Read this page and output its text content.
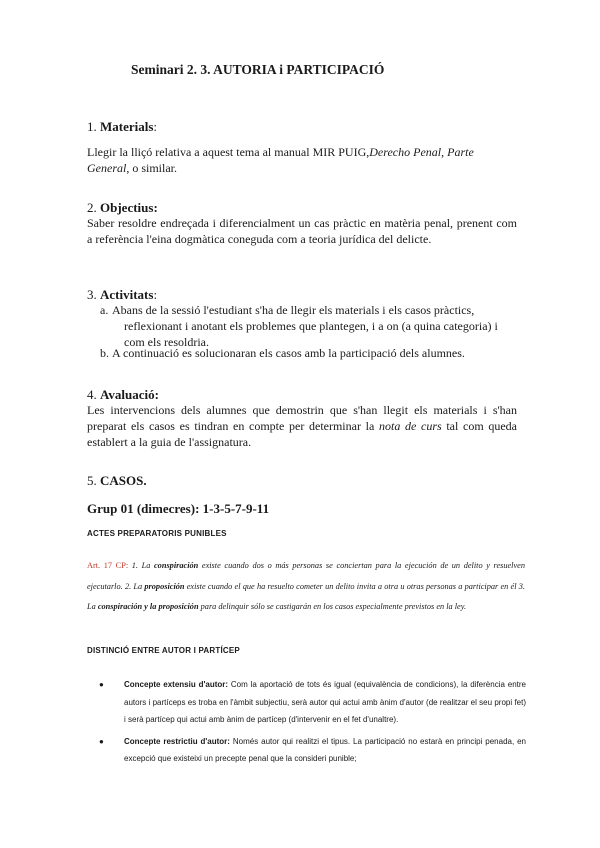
Seminari 2. 3. AUTORIA i PARTICIPACIÓ
1. Materials:
Llegir la lliçó relativa a aquest tema al manual MIR PUIG,Derecho Penal, Parte General, o similar.
2. Objectius:
Saber resoldre endreçada i diferencialment un cas pràctic en matèria penal, prenent com a referència l'eina dogmàtica coneguda com a teoria jurídica del delicte.
3. Activitats:
a. Abans de la sessió l'estudiant s'ha de llegir els materials i els casos pràctics, reflexionant i anotant els problemes que plantegen, i a on (a quina categoria) i com els resoldria.
b. A continuació es solucionaran els casos amb la participació dels alumnes.
4. Avaluació:
Les intervencions dels alumnes que demostrin que s'han llegit els materials i s'han preparat els casos es tindran en compte per determinar la nota de curs tal com queda establert a la guia de l'assignatura.
5. CASOS.
Grup 01 (dimecres): 1-3-5-7-9-11
ACTES PREPARATORIS PUNIBLES
Art. 17 CP: 1. La conspiración existe cuando dos o más personas se conciertan para la ejecución de un delito y resuelven ejecutarlo. 2. La proposición existe cuando el que ha resuelto cometer un delito invita a otra u otras personas a participar en él 3. La conspiración y la proposición para delinquir sólo se castigarán en los casos especialmente previstos en la ley.
DISTINCIÓ ENTRE AUTOR I PARTÍCEP
●	Concepte extensiu d'autor: Com la aportació de tots és igual (equivalència de condicions), la diferència entre autors i partíceps es troba en l'àmbit subjectiu, serà autor qui actui amb ànim d'autor (de realitzar el seu propi fet) i serà partícep qui actui amb ànim de partícep (d'intervenir en el fet d'unaltre).
●	Concepte restrictiu d'autor: Només autor qui realitzi el tipus. La participació no estarà en principi penada, en excepció que existeixi un precepte penal que la consideri punible;
